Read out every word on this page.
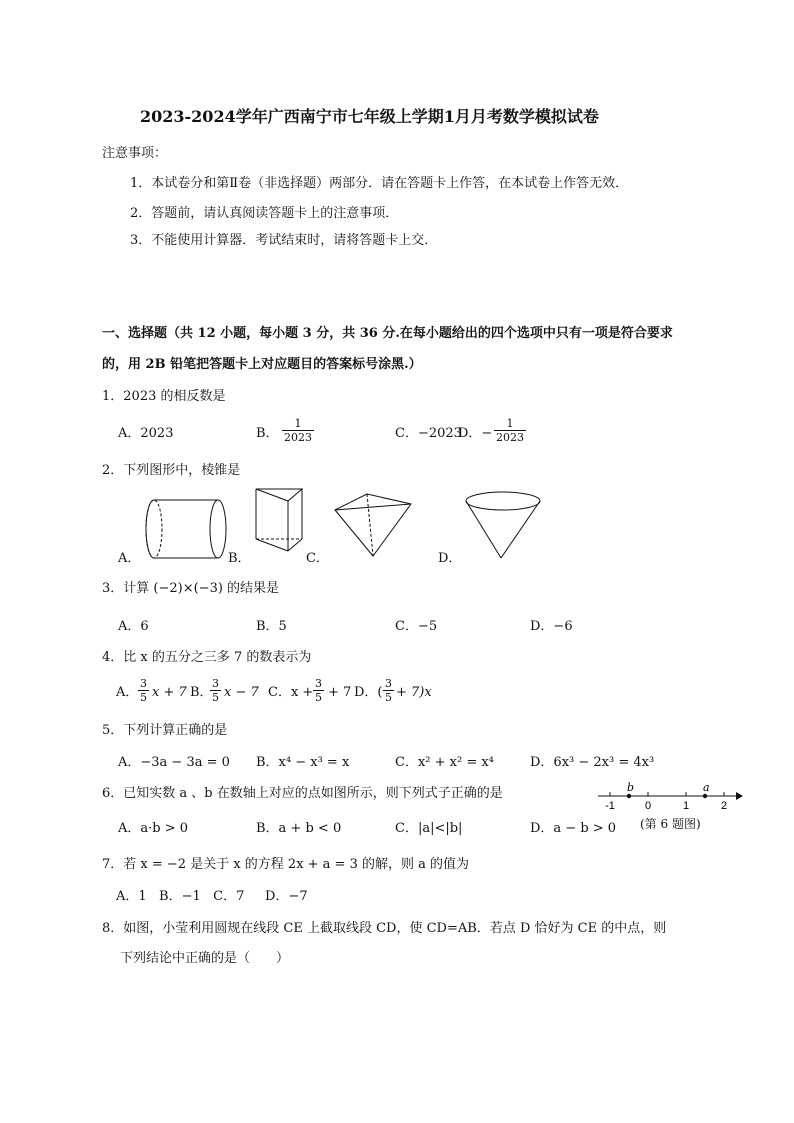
2023-2024学年广西南宁市七年级上学期1月月考数学模拟试卷
注意事项：
1．本试卷分和第Ⅱ卷（非选择题）两部分．请在答题卡上作答，在本试卷上作答无效．
2．答题前，请认真阅读答题卡上的注意事项．
3．不能使用计算器．考试结束时，请将答题卡上交．
一、选择题（共 12 小题，每小题 3 分，共 36 分.在每小题给出的四个选项中只有一项是符合要求
的，用 2B 铅笔把答题卡上对应题目的答案标号涂黑.）
1．2023 的相反数是
A．2023	B． $\frac{1}{2023}$	C．−2023
D．− $\frac{1}{2023}$
2．下列图形中，棱锥是
A．	B．	C．	D．
3．计算 (−2)×(−3) 的结果是
A．6	B．5	C．−5	D．−6
4．比 x 的五分之三多 7 的数表示为
A． $\frac{3}{5}$ x + 7 B．
$\frac{3}{5}$ x − 7 C．$x + \frac{3}{5} + 7$ D．( $\frac{3}{5} + 7)x$
5．下列计算正确的是
A．−3a − 3a = 0 B．x⁴ − x³ = x	C．x² + x² = x⁴	D．6x³ − 2x³ = 4x³
6．已知实数 a 、b 在数轴上对应的点如图所示，则下列式子正确的是
A．a·b > 0	B．a + b < 0	C．|a|<|b|	D．a − b > 0
-1	0	1	2
b	a
(第 6 题图)
7．若 x = −2 是关于 x 的方程 2x + a = 3 的解，则 a 的值为
A．1   B．−1   C．7     D．−7
8．如图，小莹利用圆规在线段 CE 上截取线段 CD，使 CD=AB．若点 D 恰好为 CE 的中点，则
下列结论中正确的是（　　）
